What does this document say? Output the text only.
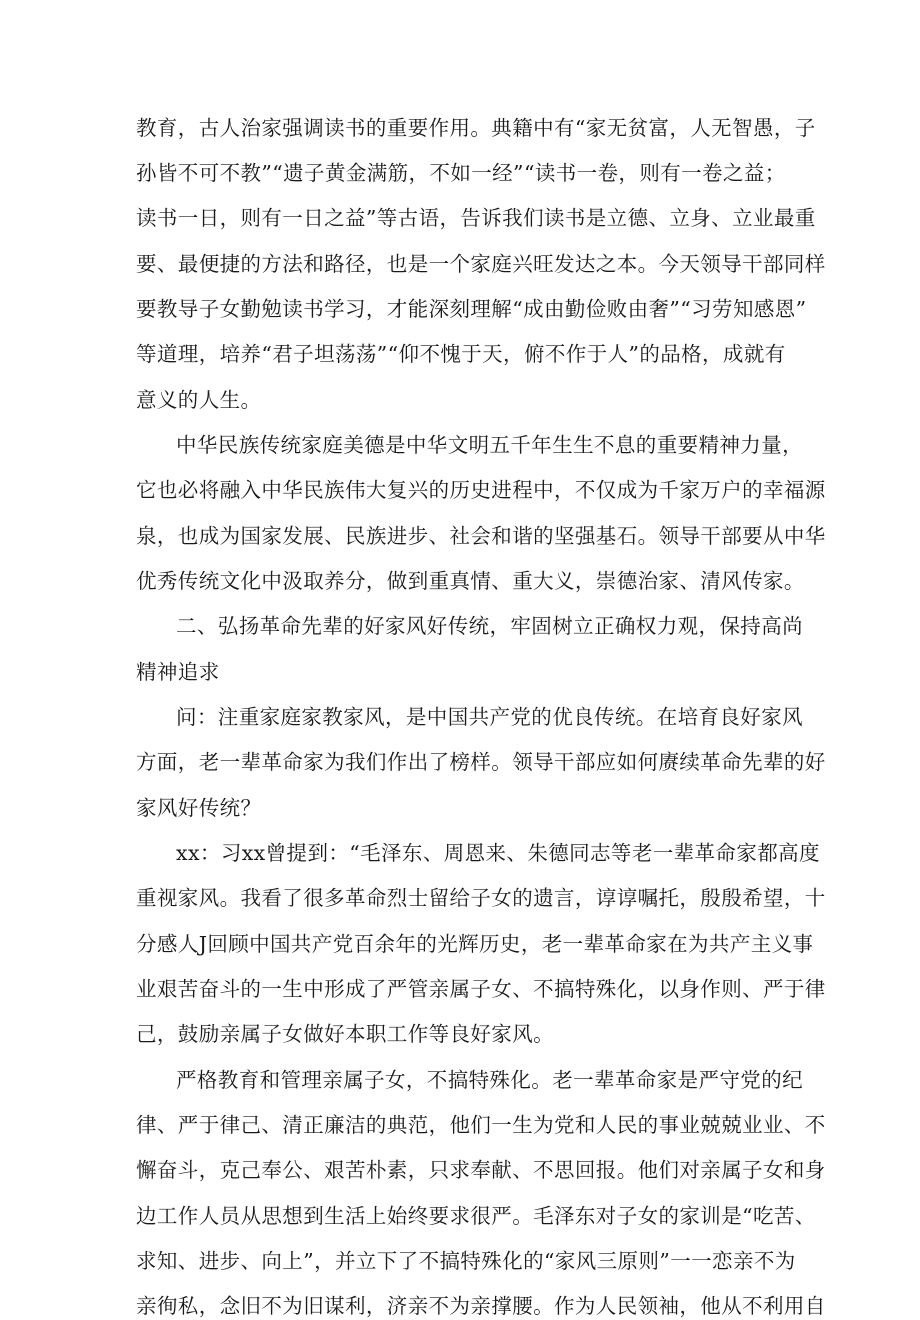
教育，古人治家强调读书的重要作用。典籍中有“家无贫富，人无智愚，子

孙皆不可不教”“遗子黄金满筋，不如一经”“读书一卷，则有一卷之益；

读书一日，则有一日之益”等古语，告诉我们读书是立德、立身、立业最重

要、最便捷的方法和路径，也是一个家庭兴旺发达之本。今天领导干部同样

要教导子女勤勉读书学习，才能深刻理解“成由勤俭败由奢”“习劳知感恩”

等道理，培养“君子坦荡荡”“仰不愧于天，俯不作于人”的品格，成就有

意义的人生。

中华民族传统家庭美德是中华文明五千年生生不息的重要精神力量，

它也必将融入中华民族伟大复兴的历史进程中，不仅成为千家万户的幸福源

泉，也成为国家发展、民族进步、社会和谐的坚强基石。领导干部要从中华

优秀传统文化中汲取养分，做到重真情、重大义，崇德治家、清风传家。

二、弘扬革命先辈的好家风好传统，牢固树立正确权力观，保持高尚

精神追求

问：注重家庭家教家风，是中国共产党的优良传统。在培育良好家风

方面，老一辈革命家为我们作出了榜样。领导干部应如何赓续革命先辈的好

家风好传统？

xx：习xx曾提到：“毛泽东、周恩来、朱德同志等老一辈革命家都高度

重视家风。我看了很多革命烈士留给子女的遗言，谆谆嘱托，殷殷希望，十

分感人J回顾中国共产党百余年的光辉历史，老一辈革命家在为共产主义事

业艰苦奋斗的一生中形成了严管亲属子女、不搞特殊化，以身作则、严于律

己，鼓励亲属子女做好本职工作等良好家风。

严格教育和管理亲属子女，不搞特殊化。老一辈革命家是严守党的纪

律、严于律己、清正廉洁的典范，他们一生为党和人民的事业兢兢业业、不

懈奋斗，克己奉公、艰苦朴素，只求奉献、不思回报。他们对亲属子女和身

边工作人员从思想到生活上始终要求很严。毛泽东对子女的家训是“吃苦、

求知、进步、向上”，并立下了不搞特殊化的“家风三原则”一一恋亲不为

亲徇私，念旧不为旧谋利，济亲不为亲撑腰。作为人民领袖，他从不利用自
